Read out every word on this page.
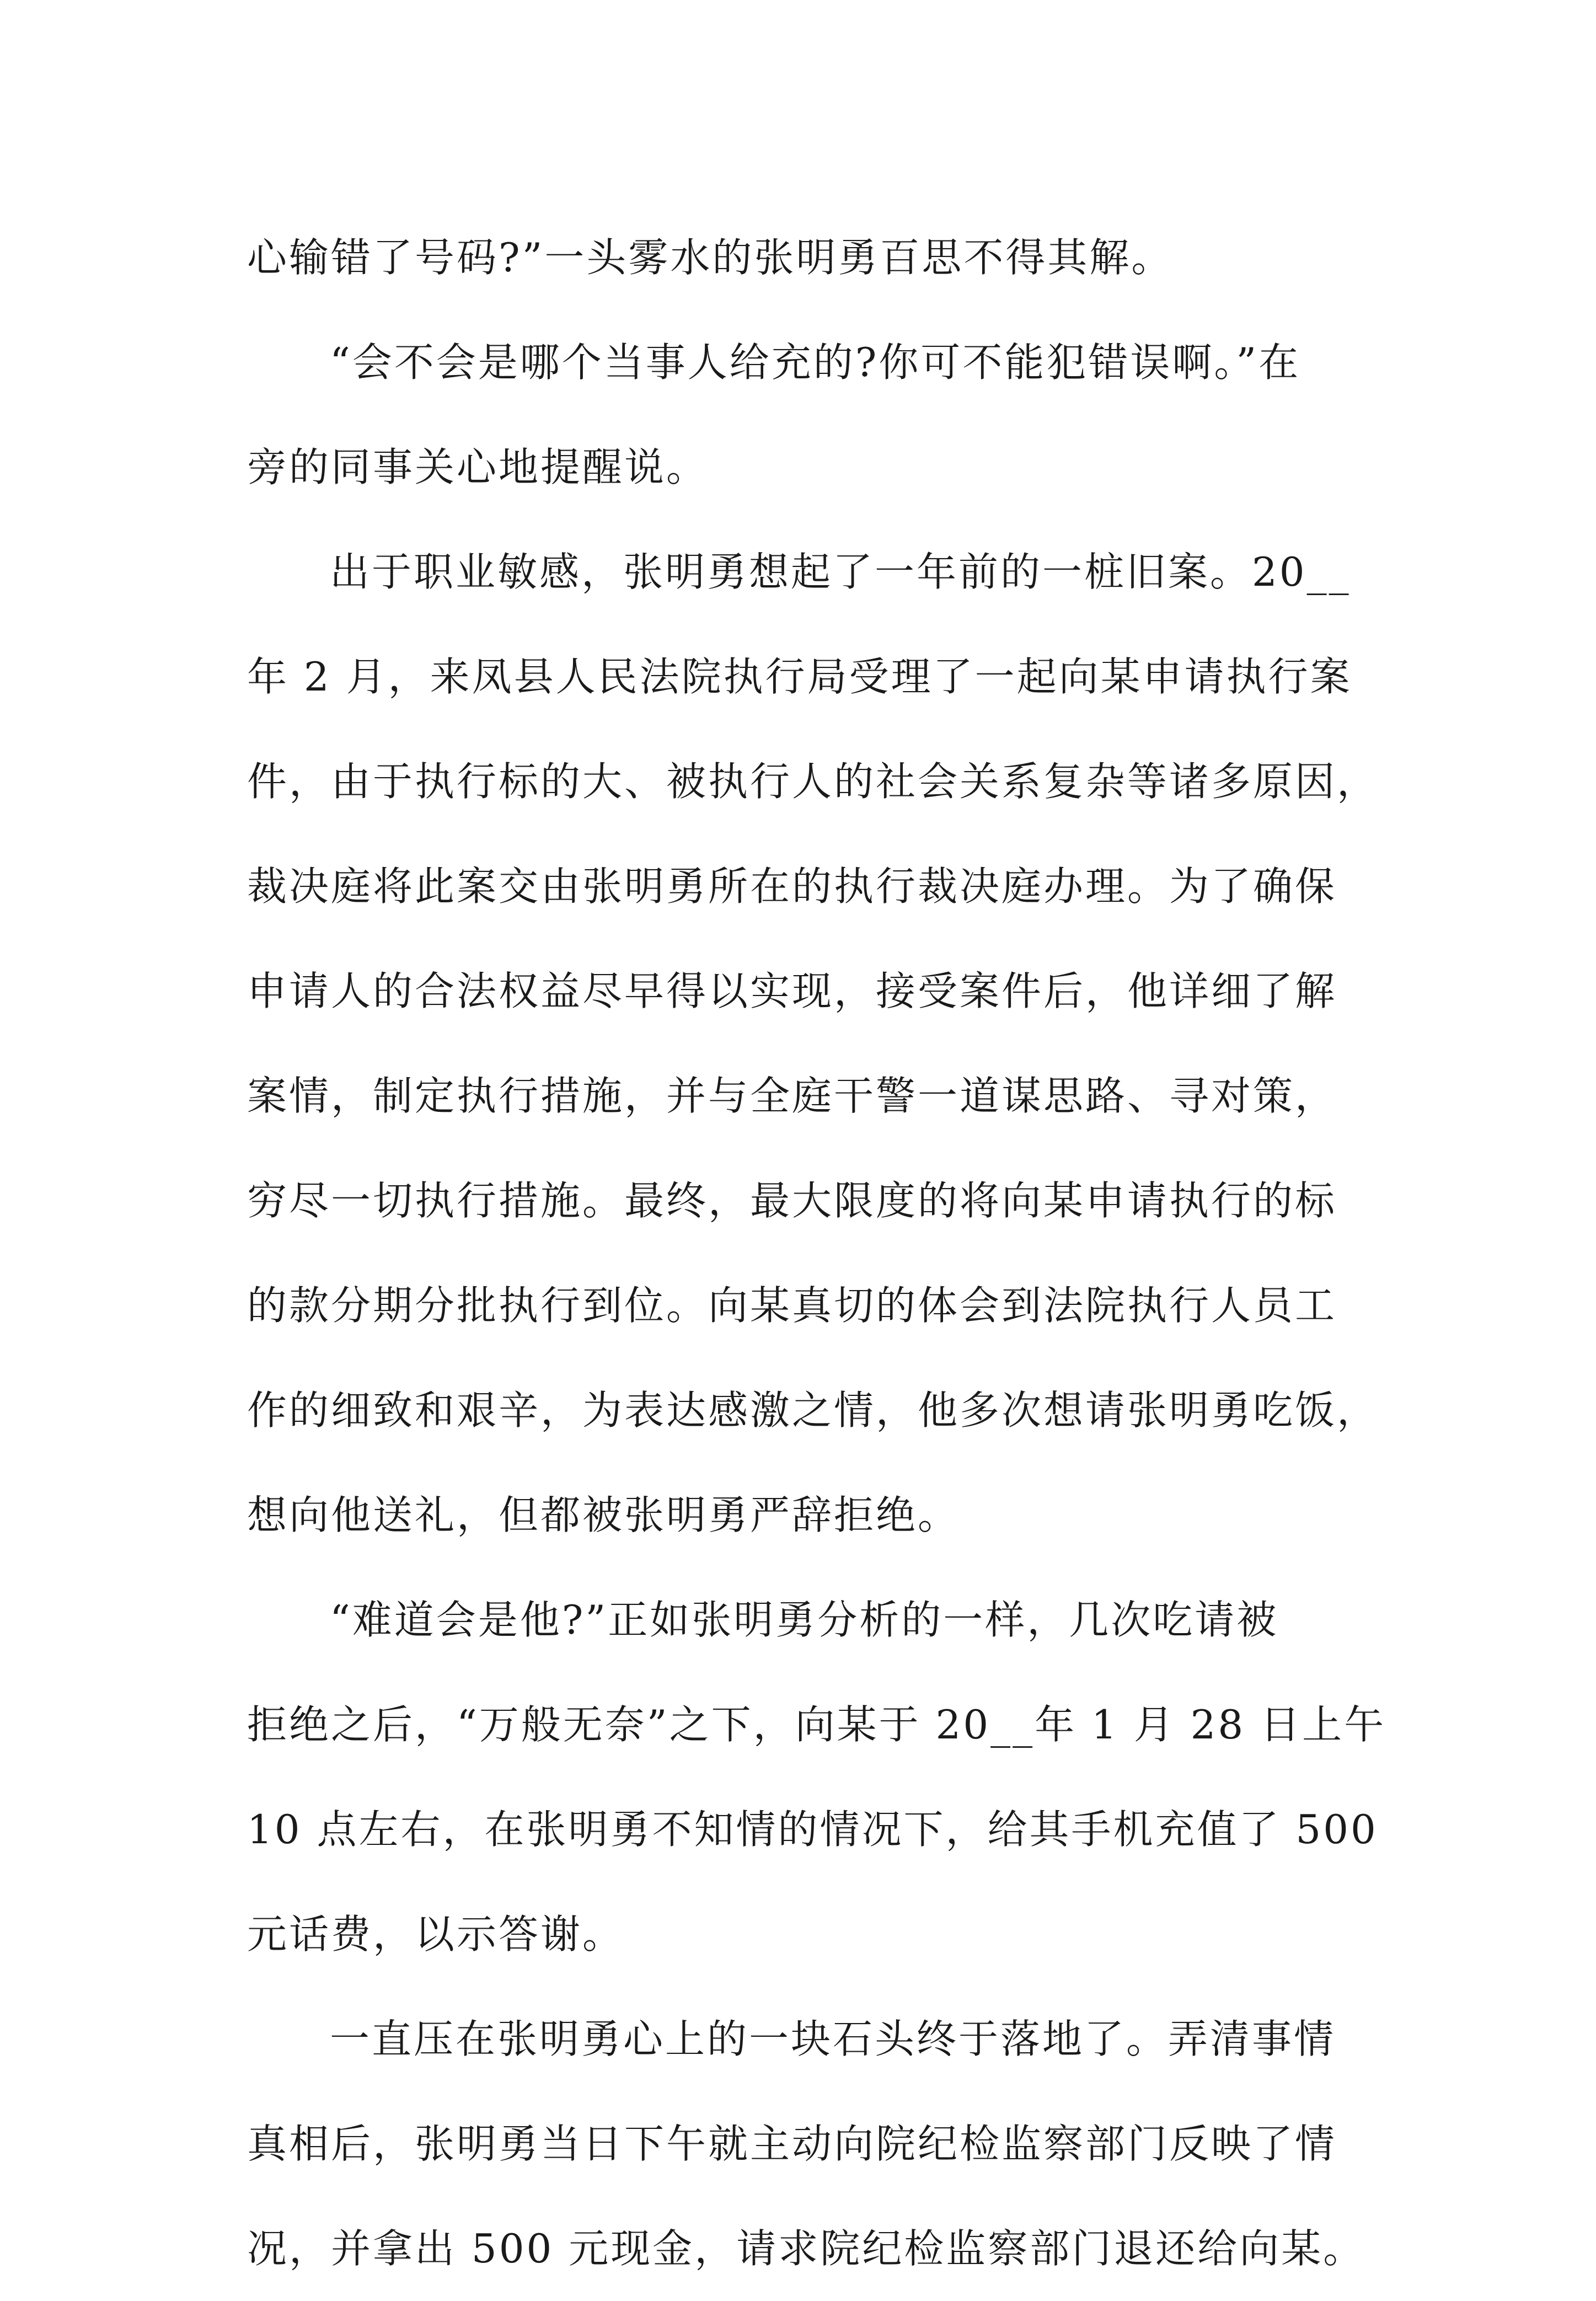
心输错了号码?”一头雾水的张明勇百思不得其解。
“会不会是哪个当事人给充的?你可不能犯错误啊。”在
旁的同事关心地提醒说。
出于职业敏感，张明勇想起了一年前的一桩旧案。20__
年 2 月，来凤县人民法院执行局受理了一起向某申请执行案
件，由于执行标的大、被执行人的社会关系复杂等诸多原因，
裁决庭将此案交由张明勇所在的执行裁决庭办理。为了确保
申请人的合法权益尽早得以实现，接受案件后，他详细了解
案情，制定执行措施，并与全庭干警一道谋思路、寻对策，
穷尽一切执行措施。最终，最大限度的将向某申请执行的标
的款分期分批执行到位。向某真切的体会到法院执行人员工
作的细致和艰辛，为表达感激之情，他多次想请张明勇吃饭，
想向他送礼，但都被张明勇严辞拒绝。
“难道会是他?”正如张明勇分析的一样，几次吃请被
拒绝之后，“万般无奈”之下，向某于 20__年 1 月 28 日上午
10 点左右，在张明勇不知情的情况下，给其手机充值了 500
元话费，以示答谢。
一直压在张明勇心上的一块石头终于落地了。弄清事情
真相后，张明勇当日下午就主动向院纪检监察部门反映了情
况，并拿出 500 元现金，请求院纪检监察部门退还给向某。
